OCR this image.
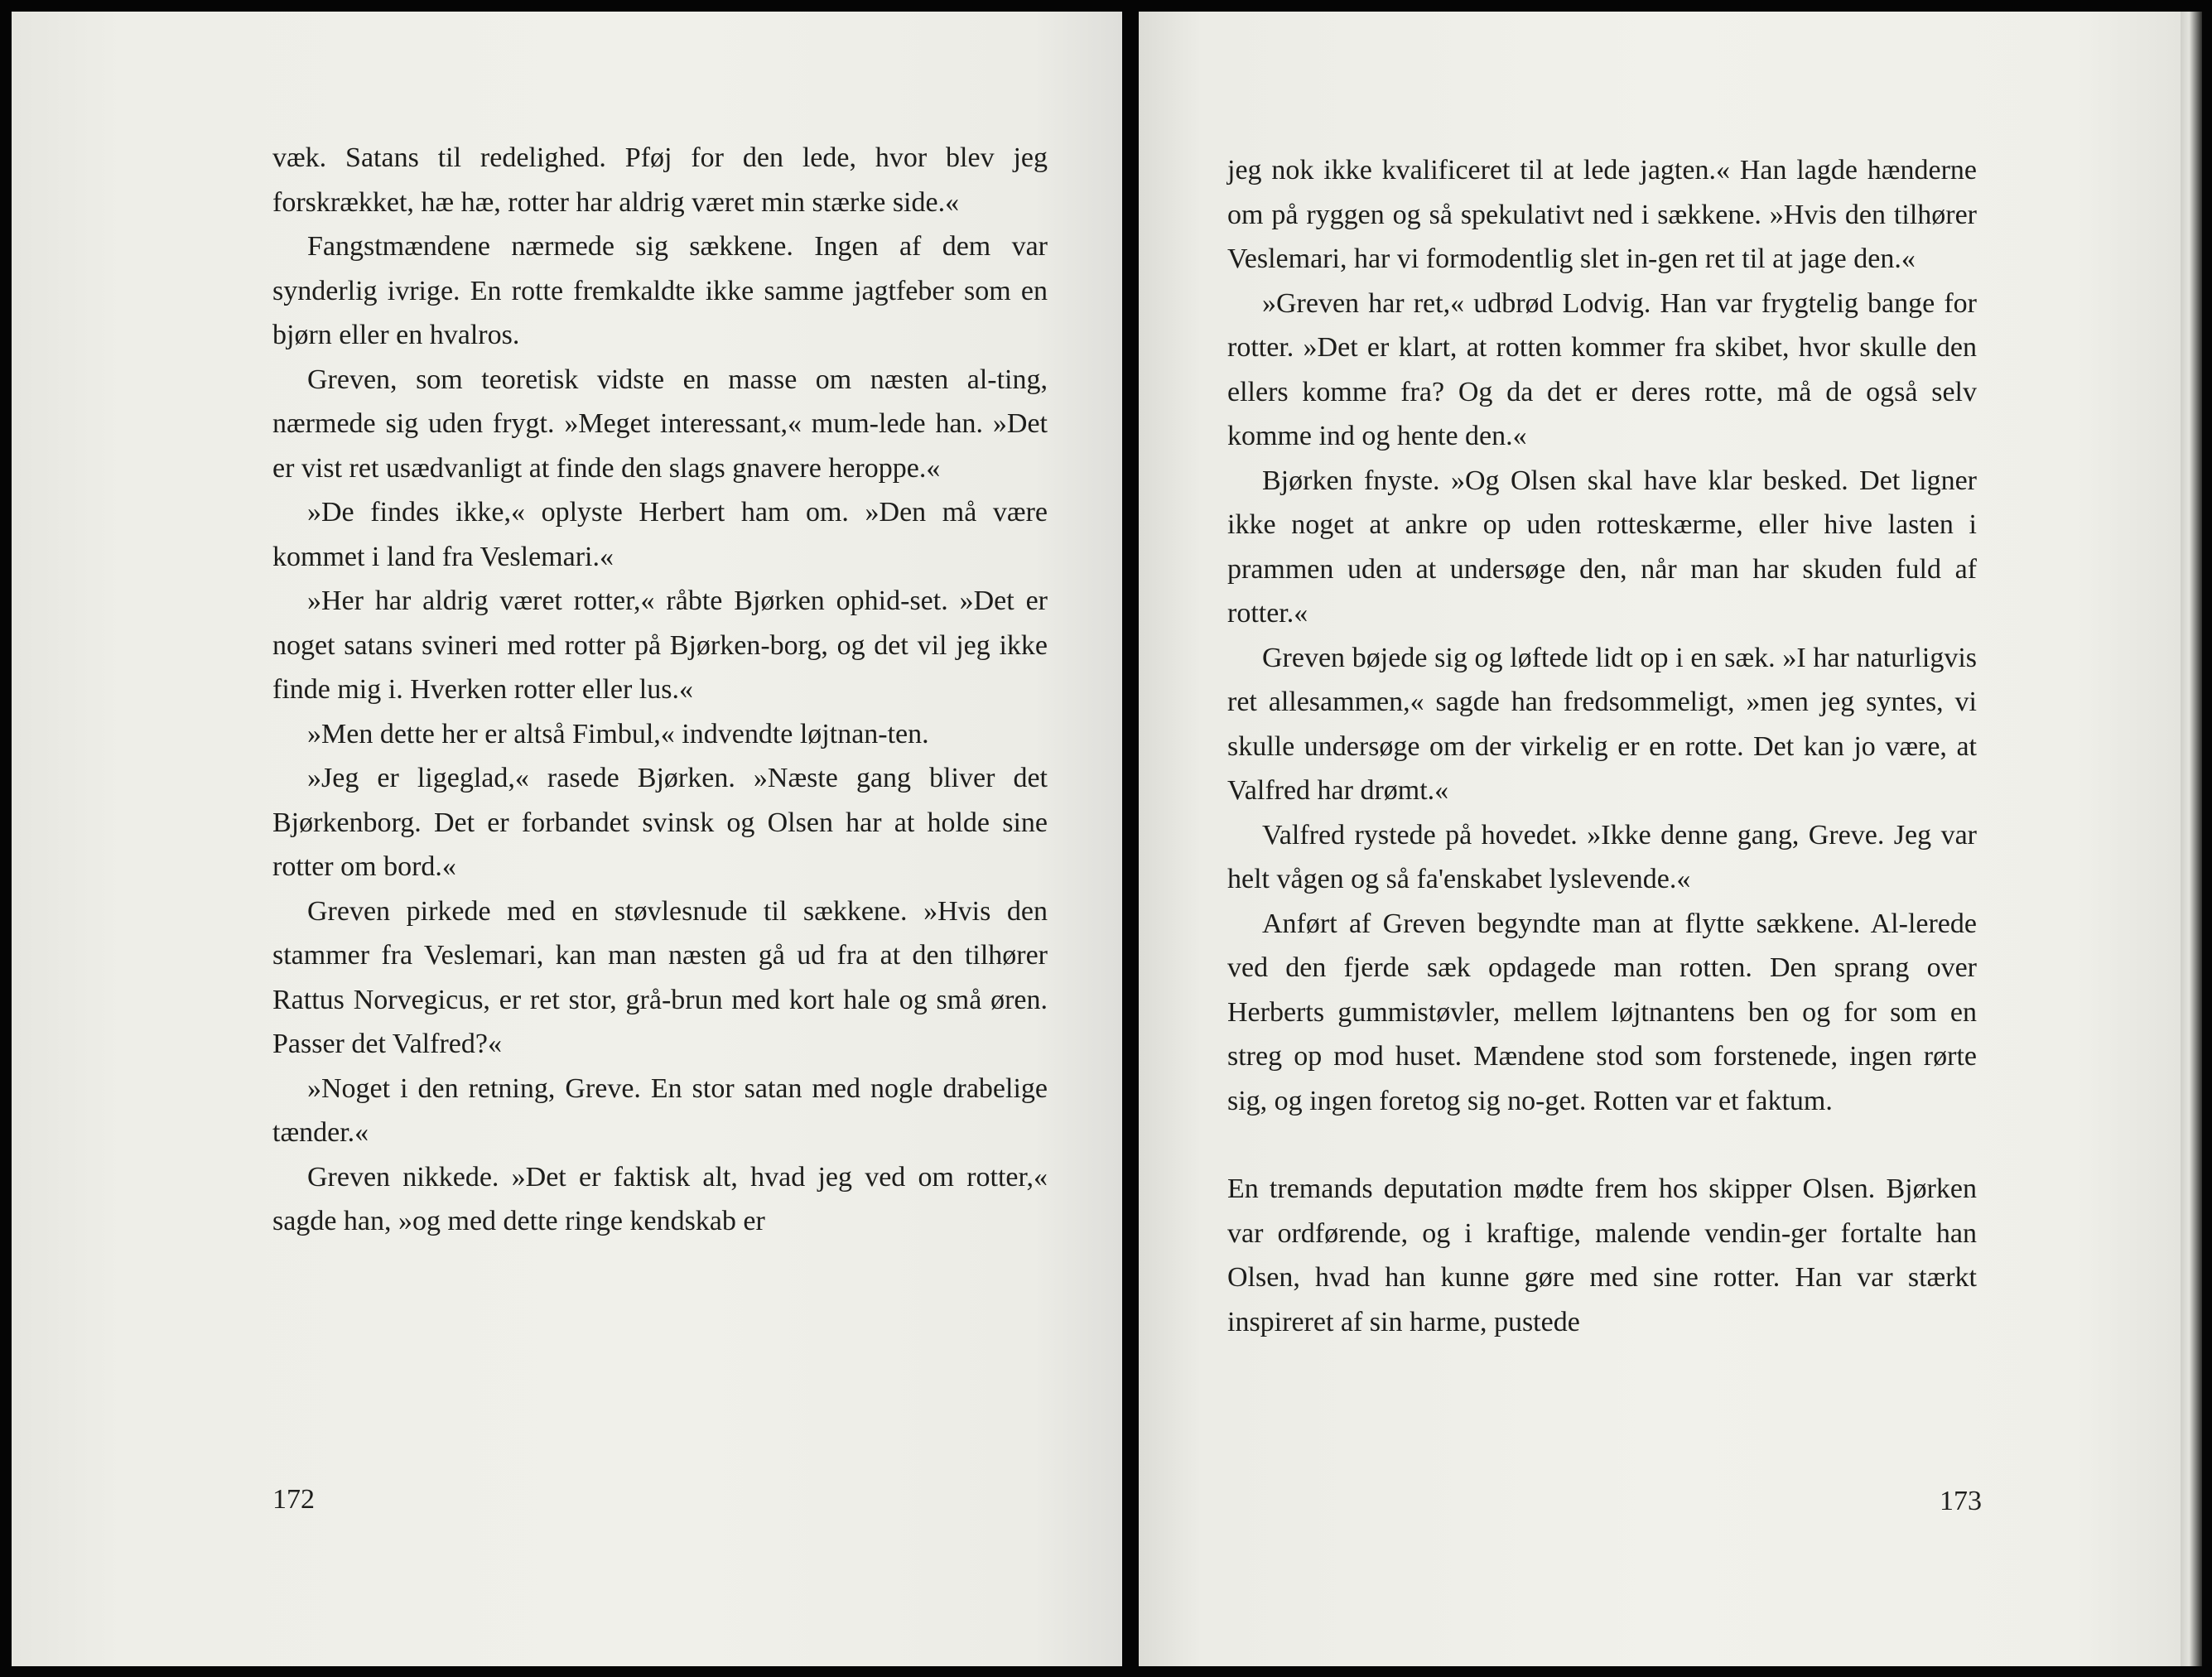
væk. Satans til redelighed. Pføj for den lede, hvor blev jeg forskrækket, hæ hæ, rotter har aldrig været min stærke side.«

Fangstmændene nærmede sig sækkene. Ingen af dem var synderlig ivrige. En rotte fremkaldte ikke samme jagtfeber som en bjørn eller en hvalros.

Greven, som teoretisk vidste en masse om næsten al-ting, nærmede sig uden frygt. »Meget interessant,« mum-lede han. »Det er vist ret usædvanligt at finde den slags gnavere heroppe.«

»De findes ikke,« oplyste Herbert ham om. »Den må være kommet i land fra Veslemari.«

»Her har aldrig været rotter,« råbte Bjørken ophid-set. »Det er noget satans svineri med rotter på Bjørken-borg, og det vil jeg ikke finde mig i. Hverken rotter eller lus.«

»Men dette her er altså Fimbul,« indvendte løjtnan-ten.

»Jeg er ligeglad,« rasede Bjørken. »Næste gang bliver det Bjørkenborg. Det er forbandet svinsk og Olsen har at holde sine rotter om bord.«

Greven pirkede med en støvlesnude til sækkene. »Hvis den stammer fra Veslemari, kan man næsten gå ud fra at den tilhører Rattus Norvegicus, er ret stor, grå-brun med kort hale og små øren. Passer det Valfred?«

»Noget i den retning, Greve. En stor satan med nogle drabelige tænder.«

Greven nikkede. »Det er faktisk alt, hvad jeg ved om rotter,« sagde han, »og med dette ringe kendskab er

172

jeg nok ikke kvalificeret til at lede jagten.« Han lagde hænderne om på ryggen og så spekulativt ned i sækkene. »Hvis den tilhører Veslemari, har vi formodentlig slet in-gen ret til at jage den.«

»Greven har ret,« udbrød Lodvig. Han var frygtelig bange for rotter. »Det er klart, at rotten kommer fra skibet, hvor skulle den ellers komme fra? Og da det er deres rotte, må de også selv komme ind og hente den.«

Bjørken fnyste. »Og Olsen skal have klar besked. Det ligner ikke noget at ankre op uden rotteskærme, eller hive lasten i prammen uden at undersøge den, når man har skuden fuld af rotter.«

Greven bøjede sig og løftede lidt op i en sæk. »I har naturligvis ret allesammen,« sagde han fredsommeligt, »men jeg syntes, vi skulle undersøge om der virkelig er en rotte. Det kan jo være, at Valfred har drømt.«

Valfred rystede på hovedet. »Ikke denne gang, Greve. Jeg var helt vågen og så fa'enskabet lyslevende.«

Anført af Greven begyndte man at flytte sækkene. Al-lerede ved den fjerde sæk opdagede man rotten. Den sprang over Herberts gummistøvler, mellem løjtnantens ben og for som en streg op mod huset. Mændene stod som forstenede, ingen rørte sig, og ingen foretog sig no-get. Rotten var et faktum.

En tremands deputation mødte frem hos skipper Olsen. Bjørken var ordførende, og i kraftige, malende vendin-ger fortalte han Olsen, hvad han kunne gøre med sine rotter. Han var stærkt inspireret af sin harme, pustede

173
